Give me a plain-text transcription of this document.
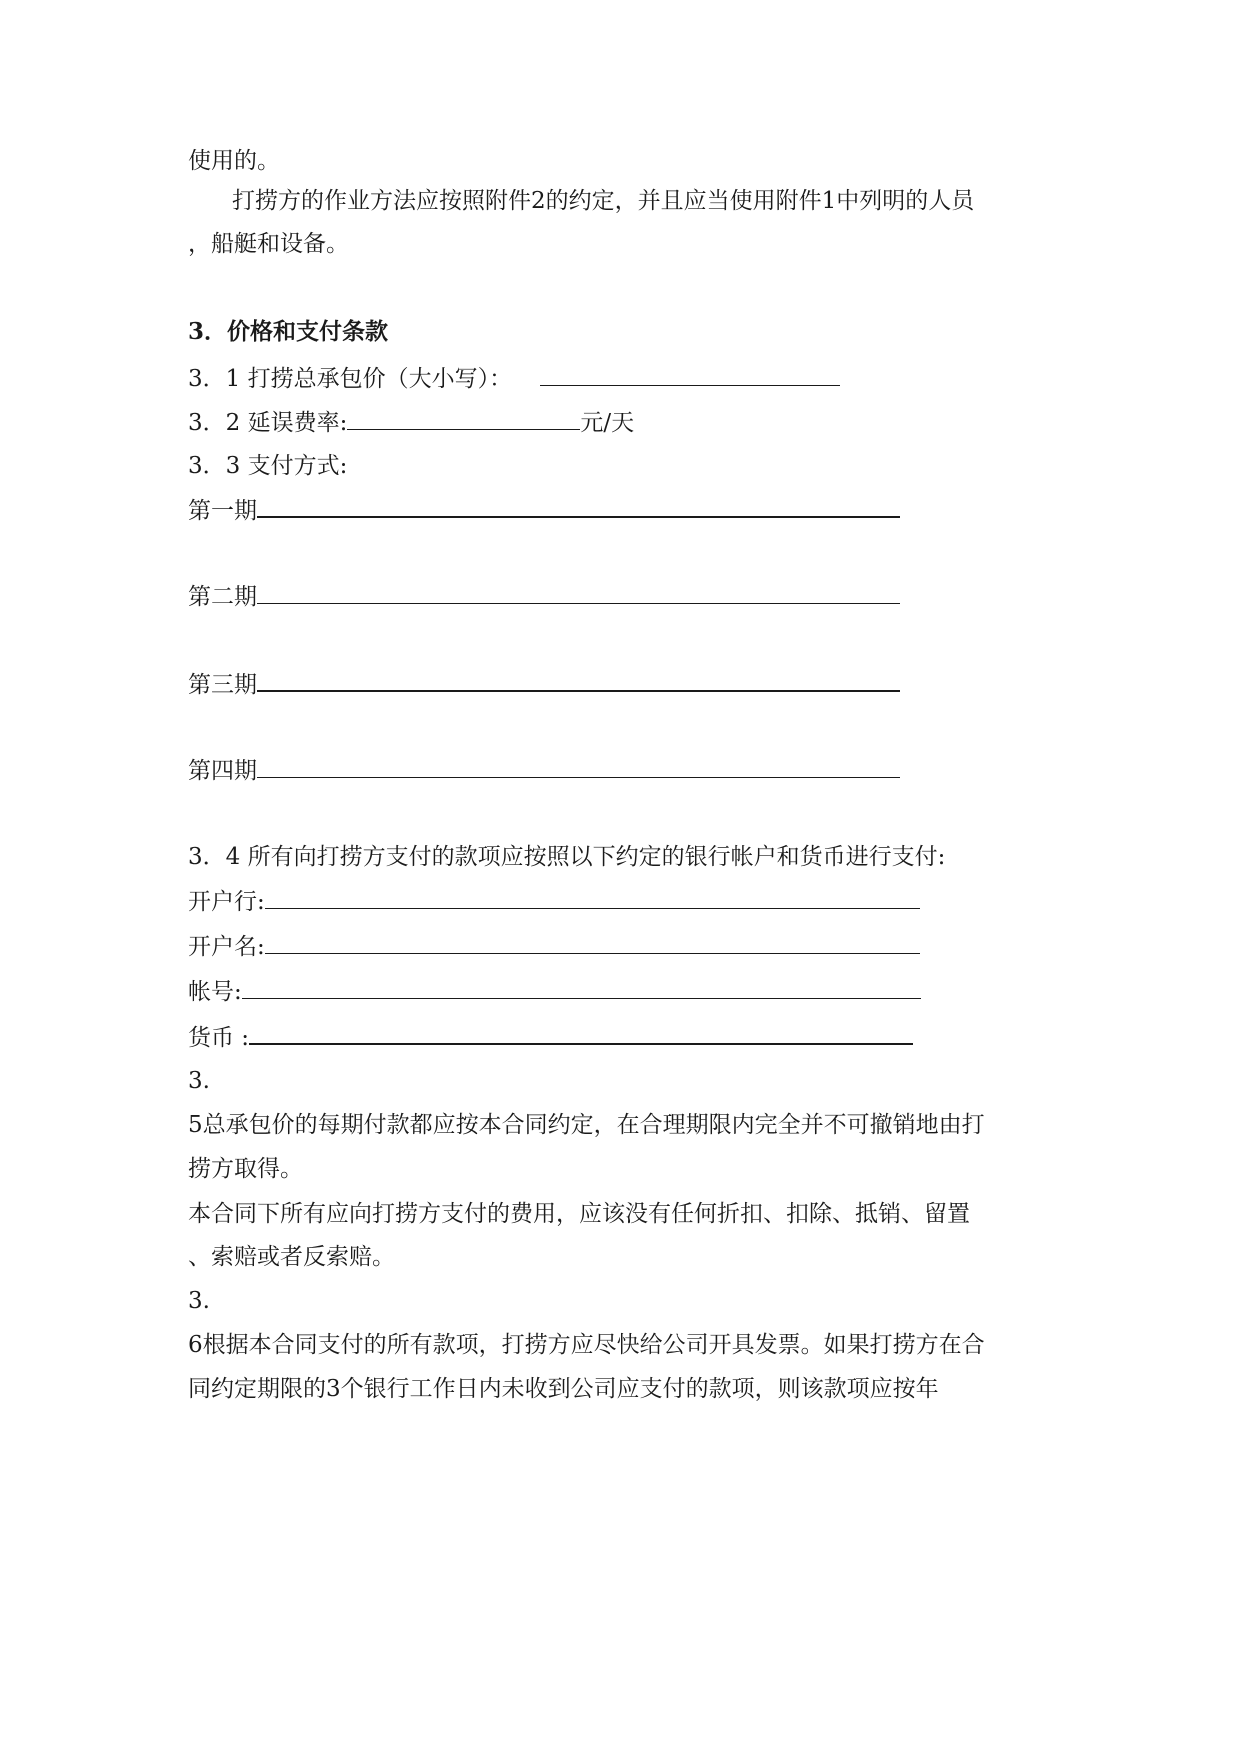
使用的。
打捞方的作业方法应按照附件2的约定，并且应当使用附件1中列明的人员
，船艇和设备。
3．价格和支付条款
3．1 打捞总承包价（大小写）：
3．2 延误费率:	元/天
3．3 支付方式:
第一期
第二期
第三期
第四期
3．4 所有向打捞方支付的款项应按照以下约定的银行帐户和货币进行支付:
开户行:
开户名:
帐号:
货币 :
3.
5总承包价的每期付款都应按本合同约定，在合理期限内完全并不可撤销地由打
捞方取得。
本合同下所有应向打捞方支付的费用，应该没有任何折扣、扣除、抵销、留置
、索赔或者反索赔。
3.
6根据本合同支付的所有款项，打捞方应尽快给公司开具发票。如果打捞方在合
同约定期限的3个银行工作日内未收到公司应支付的款项，则该款项应按年
